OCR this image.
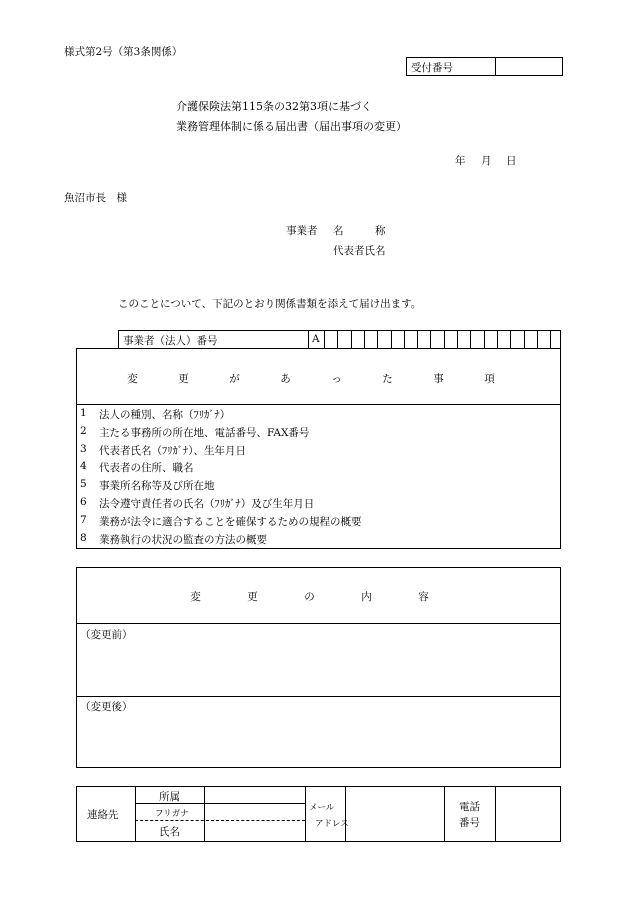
様式第2号（第3条関係）
受付番号
介護保険法第115条の32第3項に基づく
業務管理体制に係る届出書（届出事項の変更）
年 月 日
魚沼市長　様
事業者 名　　　称
代表者氏名
このことについて、下記のとおり関係書類を添えて届け出ます。
事業者（法人）番号	A
変　更　が　あ　っ　た　事　項
1 法人の種別、名称（ﾌﾘｶﾞﾅ）
2 主たる事務所の所在地、電話番号、FAX番号
3 代表者氏名（ﾌﾘｶﾞﾅ）、生年月日
4 代表者の住所、職名
5 事業所名称等及び所在地
6 法令遵守責任者の氏名（ﾌﾘｶﾞﾅ）及び生年月日
7 業務が法令に適合することを確保するための規程の概要
8 業務執行の状況の監査の方法の概要
変　更　の　内　容
（変更前）
（変更後）
連絡先
所属
フリガナ
氏名
メール
アドレス
電話
番号
